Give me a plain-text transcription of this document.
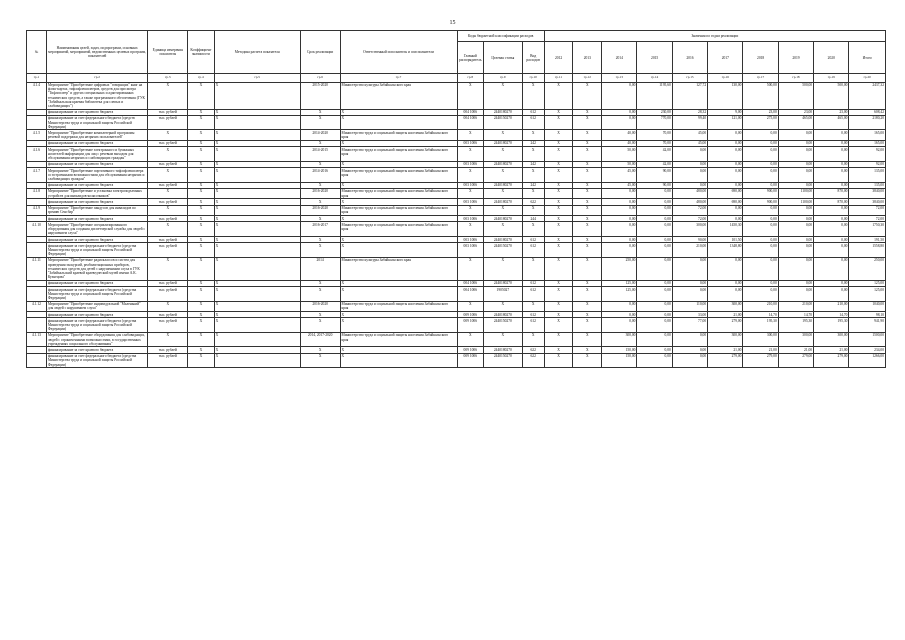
15
№	Наименования целей, задач, подпрограмм, основных мероприятий, мероприятий, ведомственных целевых программ, показателей	Единица измерения показателя	Коэффициент значимости	Методика расчета показателя	Срок реализации	Ответственный исполнитель и соисполнители	Коды бюджетной классификации расходов			Значения по годам реализации									
							Главный распорядитель	Целевая статья	Вид расходов	2012	2013	2014	2015	2016	2017	2018	2019	2020	Итого
гр.1	гр.2	гр.3	гр.4	гр.5	гр.6	гр.7	гр.8	гр.9	гр.10	гр.11	гр.12	гр.13	гр.14	гр.15	гр.16	гр.17	гр.18	гр.19	гр.20
4.1.4	Мероприятие "Приобретение цифровых "говорящих" книг на флэш-картах, тифлофлешплееров, средств для просмотра "Тифлоплеер" и других специальных и адаптированных технических средств, а также программного обеспечения (ГУК "Забайкальская краевая библиотека для слепых и слабовидящих")	X	X	X	2015-2020	Министерство культуры Забайкальского края	X	X	X	X	X	0,00	1195,60	127,72	130,00	500,00	500,00	500,00	2437,32
	финансирование за счет краевого бюджета	тыс. рублей	X	X	X	X	004 1006	2440180270	612	X	X	0,00	230,00	28,32	9,00	23,00	23,00	23,00	608,42
	финансирование за счет федерального бюджета (средств Министерства труда и социальной защиты Российской Федерации)	тыс. рублей	X	X	X	X	004 1006	2440150270	612	X	X	0,00	770,00	99,40	121,00	275,00	465,00	465,00	2180,20
4.1.5	Мероприятие "Приобретение компьютерной программы речевой поддержки для незрячих пользователей"	X	X	X	2014-2020	Министерство труда и социальной защиты населения Забайкальского края	X	X	X	X	X	40,00	70,00	45,00	0,00	0,00	0,00	0,00	165,00
	финансирование за счет краевого бюджета	тыс. рублей	X	X	X	X	003 1006	2440180270	242	X	X	40,00	70,00	45,00	0,00	0,00	0,00	0,00	165,00
4.1.6	Мероприятие "Приобретение электронного и бумажных носителей информации для лиц с речевым выходом для обслуживания незрячих и слабовидящих граждан"	X	X	X	2014-2015	Министерство труда и социальной защиты населения Забайкальского края	X	X	X	X	X	50,00	42,00	0,00	0,00	0,00	0,00	0,00	92,00
	финансирование за счет краевого бюджета	тыс. рублей	X	X	X	X	003 1006	2440180270	242	X	X	50,00	42,00	0,00	0,00	0,00	0,00	0,00	92,00
4.1.7	Мероприятие "Приобретение портативного тифлофлешплеера со встроенными возможностями для обслуживания незрячих и слабовидящих граждан"	X	X	X	2014-2016	Министерство труда и социальной защиты населения Забайкальского края	X	X	X	X	X	45,00	90,00	0,00	0,00	0,00	0,00	0,00	135,00
	финансирование за счет краевого бюджета	тыс. рублей	X	X	X	X	003 1006	2440180270	242	X	X	45,00	90,00	0,00	0,00	0,00	0,00	0,00	135,00
4.1.8	Мероприятие "Приобретение и установка электроподъемных устройств для инвалидов-колясочников"	X	X	X	2016-2020	Министерство труда и социальной защиты населения Забайкальского края	X	X	X	X	X	0,00	0,00	480,00	690,00	900,00	1100,00	870,00	3840,00
	финансирование за счет краевого бюджета	тыс. рублей	X	X	X	X	003 1006	2440180270	622	X	X	0,00	0,00	480,00	690,00	900,00	1100,00	870,00	3840,00
4.1.9	Мероприятие "Приобретение пандусов для инвалидов по зрению Сенсбар"	X	X	X	2016-2020	Министерство труда и социальной защиты населения Забайкальского края	X	X	X	X	X	0,00	0,00	72,00	0,00	0,00	0,00	0,00	72,00
	финансирование за счет краевого бюджета	тыс. рублей	X	X	X	X	003 1006	2440180270	244	X	X	0,00	0,00	72,00	0,00	0,00	0,00	0,00	72,00
4.1.10	Мероприятие "Приобретение специализированного оборудования для создания диспетчерской службы для людей с нарушением слуха"	X	X	X	2016-2017	Министерство труда и социальной защиты населения Забайкальского края	X	X	X	X	X	0,00	0,00	300,00	1450,30	0,00	0,00	0,00	1750,30
	финансирование за счет краевого бюджета	тыс. рублей	X	X	X	X	003 1006	2440180270	612	X	X	0,00	0,00	90,00	101,50	0,00	0,00	0,00	191,50
	финансирование за счет федерального бюджета (средства Министерства труда и социальной защиты Российской Федерации)	тыс. рублей	X	X	X	X	003 1006	2440150270	612	X	X	0,00	0,00	210,00	1348,80	0,00	0,00	0,00	1558,80
4.1.11	Мероприятие "Приобретение радиоклассов и систем для проведения экскурсий, реабилитационных приборов, технических средств для детей с нарушениями слуха в ГУК "Забайкальский краевой краеведческий музей имени А.К. Кузнецова"	X	X	X	2014	Министерство культуры Забайкальского края	X	X	X	X	X	250,00	0,00	0,00	0,00	0,00	0,00	0,00	250,00
	финансирование за счет краевого бюджета	тыс. рублей	X	X	X	X	004 1006	2440180270	612	X	X	125,00	0,00	0,00	0,00	0,00	0,00	0,00	125,00
	финансирование за счет федерального бюджета (средства Министерства труда и социальной защиты Российской Федерации)	тыс. рублей	X	X	X	X	004 1006	1905027	612	X	X	125,00	0,00	0,00	0,00	0,00	0,00	0,00	125,00
4.1.12	Мероприятие "Приобретение индивидуальной "Маленький" для людей с нарушением слуха"	X	X	X	2016-2020	Министерство труда и социальной защиты населения Забайкальского края	X	X	X	X	X	0,00	0,00	110,00	300,00	210,00	210,00	210,00	1040,00
	финансирование за счет краевого бюджета	тыс. рублей	X	X	X	X	009 1006	2440180270	612	X	X	0,00	0,00	33,00	21,00	14,70	14,70	14,70	98,10
	финансирование за счет федерального бюджета (средства Министерства труда и социальной защиты Российской Федерации)	тыс. рублей	X	X	X	X	009 1006	2440150270	612	X	X	0,00	0,00	77,00	279,00	195,30	195,30	195,30	941,90
4.1.13	Мероприятие "Приобретение оборудования для слабовидящих, людей с ограниченными возможностями, в государственных учреждениях социального обслуживания"	X	X	X	2014, 2017-2020	Министерство труда и социальной защиты населения Забайкальского края	X	X	X	X	X	300,00	0,00	0,00	300,00	300,00	300,00	300,00	1500,00
	финансирование за счет краевого бюджета	тыс. рублей	X	X	X	X	009 1006	2440180270	622	X	X	150,00	0,00	0,00	21,00	21,00	21,00	21,00	234,00
	финансирование за счет федерального бюджета (средства Министерства труда и социальной защиты Российской Федерации)	тыс. рублей	X	X	X	X	009 1006	2440150270	622	X	X	150,00	0,00	0,00	279,00	279,00	279,00	279,00	1266,00
